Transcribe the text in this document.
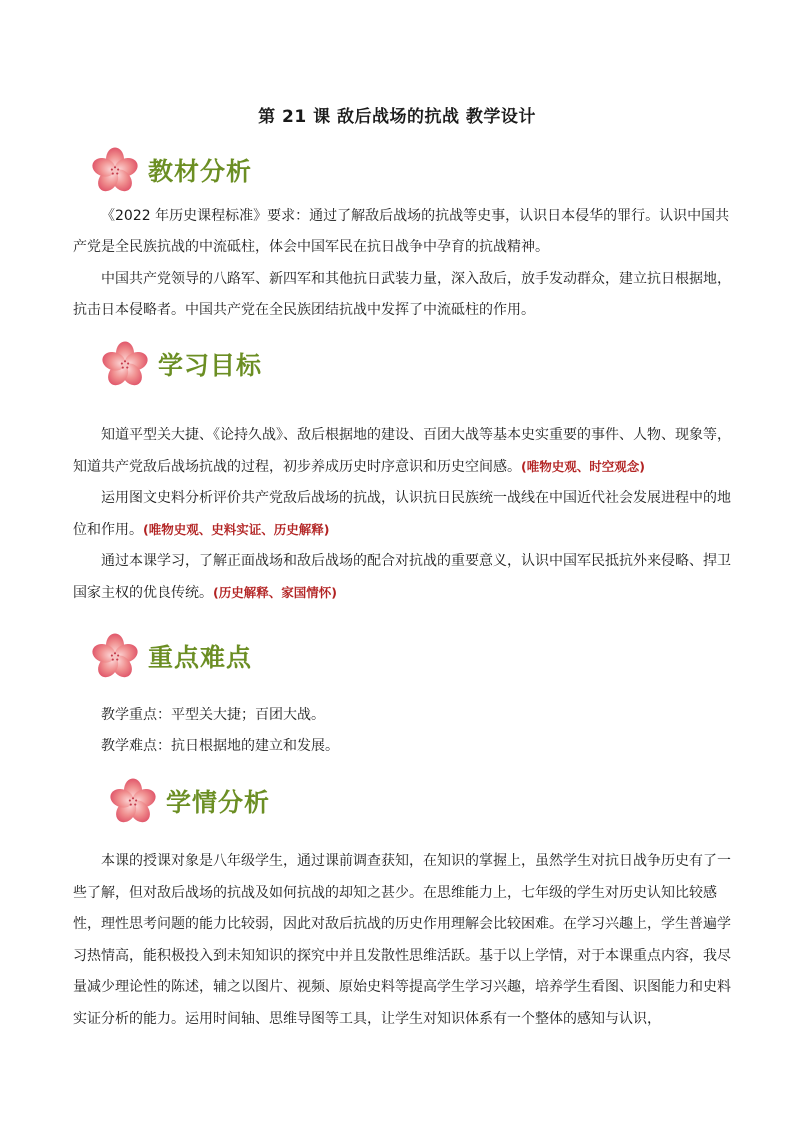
第 21 课 敌后战场的抗战 教学设计
教材分析

《2022 年历史课程标准》要求：通过了解敌后战场的抗战等史事，认识日本侵华的罪行。认识中国共产党是全民族抗战的中流砥柱，体会中国军民在抗日战争中孕育的抗战精神。

中国共产党领导的八路军、新四军和其他抗日武装力量，深入敌后，放手发动群众，建立抗日根据地，抗击日本侵略者。中国共产党在全民族团结抗战中发挥了中流砥柱的作用。

学习目标

知道平型关大捷、《论持久战》、敌后根据地的建设、百团大战等基本史实重要的事件、人物、现象等，知道共产党敌后战场抗战的过程，初步养成历史时序意识和历史空间感。(唯物史观、时空观念)

运用图文史料分析评价共产党敌后战场的抗战，认识抗日民族统一战线在中国近代社会发展进程中的地位和作用。(唯物史观、史料实证、历史解释)

通过本课学习，了解正面战场和敌后战场的配合对抗战的重要意义，认识中国军民抵抗外来侵略、捍卫国家主权的优良传统。(历史解释、家国情怀)

重点难点

教学重点：平型关大捷；百团大战。

教学难点：抗日根据地的建立和发展。

学情分析

本课的授课对象是八年级学生，通过课前调查获知，在知识的掌握上，虽然学生对抗日战争历史有了一些了解，但对敌后战场的抗战及如何抗战的却知之甚少。在思维能力上，七年级的学生对历史认知比较感性，理性思考问题的能力比较弱，因此对敌后抗战的历史作用理解会比较困难。在学习兴趣上，学生普遍学习热情高，能积极投入到未知知识的探究中并且发散性思维活跃。基于以上学情，对于本课重点内容，我尽量减少理论性的陈述，辅之以图片、视频、原始史料等提高学生学习兴趣，培养学生看图、识图能力和史料实证分析的能力。运用时间轴、思维导图等工具，让学生对知识体系有一个整体的感知与认识，
